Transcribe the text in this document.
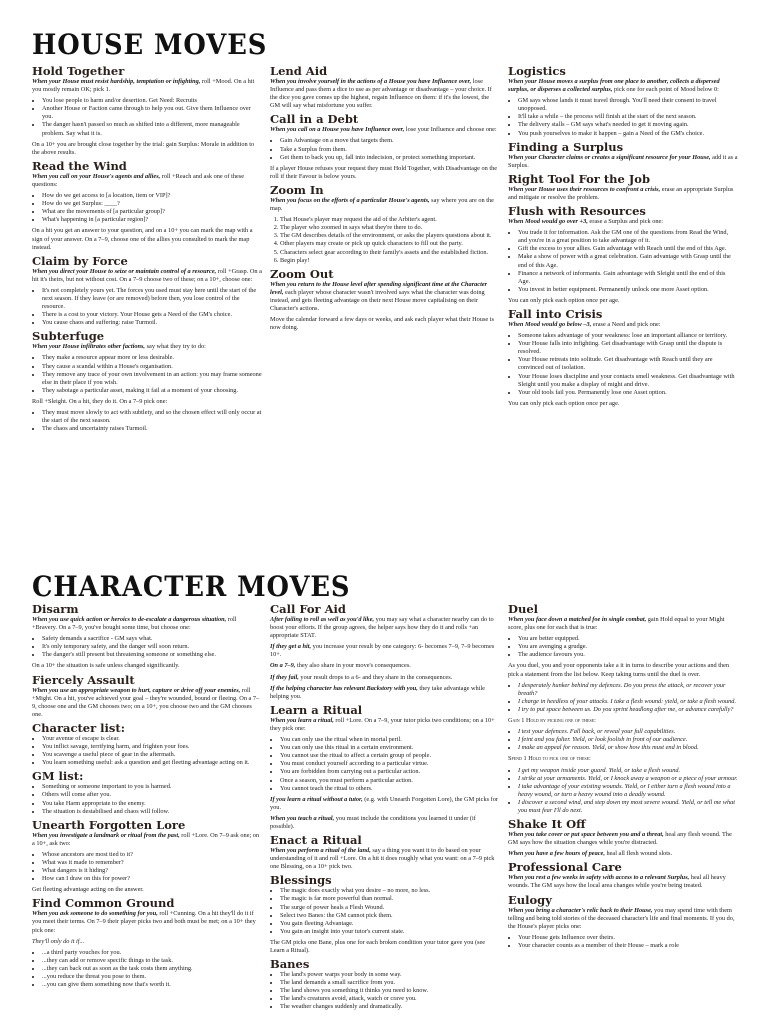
HOUSE MOVES
Hold Together

When your House must resist hardship, temptation or infighting, roll +Mood. On a hit you mostly remain OK; pick 1.

• You lose people to harm and/or desertion. Get Need: Recruits
• Another House or Faction came through to help you out. Give them Influence over you.
• The danger hasn't passed so much as shifted into a different, more manageable problem. Say what it is.

On a 10+ you are brought close together by the trial: gain Surplus: Morale in addition to the above results.

Read the Wind

When you call on your House's agents and allies, roll +Reach and ask one of these questions:

• How do we get access to [a location, item or VIP]?
• How do we get Surplus: ____?
• What are the movements of [a particular group]?
• What's happening in [a particular region]?

On a hit you get an answer to your question, and on a 10+ you can mark the map with a sign of your answer. On a 7–9, choose one of the allies you consulted to mark the map instead.

Claim by Force

When you direct your House to seize or maintain control of a resource, roll +Grasp. On a hit it's theirs, but not without cost. On a 7–9 choose two of these; on a 10+, choose one:

• It's not completely yours yet. The forces you used must stay here until the start of the next season. If they leave (or are removed) before then, you lose control of the resource.
• There is a cost to your victory. Your House gets a Need of the GM's choice.
• You cause chaos and suffering: raise Turmoil.
Subterfuge

When your House infiltrates other factions, say what they try to do:

• They make a resource appear more or less desirable.
• They cause a scandal within a House's organisation.
• They remove any trace of your own involvement in an action: you may frame someone else in their place if you wish.
• They sabotage a particular asset, making it fail at a moment of your choosing.

Roll +Sleight. On a hit, they do it. On a 7–9 pick one:

• They must move slowly to act with subtlety, and so the chosen effect will only occur at the start of the next season.
• The chaos and uncertainty raises Turmoil.
Lend Aid

When you involve yourself in the actions of a House you have Influence over, lose Influence and pass them a dice to use as per advantage or disadvantage – your choice. If the dice you gave comes up the highest, regain Influence on them: if it's the lowest, the GM will say what misfortune you suffer.

Call in a Debt

When you call on a House you have Influence over, lose your Influence and choose one:

• Gain Advantage on a move that targets them.
• Take a Surplus from them.
• Get them to back you up, fall into indecision, or protect something important.

If a player House refuses your request they must Hold Together, with Disadvantage on the roll if their Favour is below yours.

Zoom In

When you focus on the efforts of a particular House's agents, say where you are on the map.

1. That House's player may request the aid of the Arbiter's agent.
2. The player who zoomed in says what they're there to do.
3. The GM describes details of the environment, or asks the players questions about it.
4. Other players may create or pick up quick characters to fill out the party.
5. Characters select gear according to their family's assets and the established fiction.
6. Begin play!
Zoom Out

When you return to the House level after spending significant time at the Character level, each player whose character wasn't involved says what the character was doing instead, and gets fleeting advantage on their next House move capitalising on their Character's actions.

Move the calendar forward a few days or weeks, and ask each player what their House is now doing.

Logistics

When your House moves a surplus from one place to another, collects a dispersed surplus, or disperses a collected surplus, pick one for each point of Mood below 0:

• GM says whose lands it must travel through. You'll need their consent to travel unopposed.
• It'll take a while – the process will finish at the start of the next season.
• The delivery stalls – GM says what's needed to get it moving again.
• You push yourselves to make it happen – gain a Need of the GM's choice.
Finding a Surplus

When your Character claims or creates a significant resource for your House, add it as a Surplus.

Right Tool For the Job

When your House uses their resources to confront a crisis, erase an appropriate Surplus and mitigate or resolve the problem.

Flush with Resources

When Mood would go over +3, erase a Surplus and pick one:

• You trade it for information. Ask the GM one of the questions from Read the Wind, and you're in a great position to take advantage of it.
• Gift the excess to your allies. Gain advantage with Reach until the end of this Age.
• Make a show of power with a great celebration. Gain advantage with Grasp until the end of this Age.
• Finance a network of informants. Gain advantage with Sleight until the end of this Age.
• You invest in better equipment. Permanently unlock one more Asset option.

You can only pick each option once per age.

Fall into Crisis

When Mood would go below –3, erase a Need and pick one:

• Someone takes advantage of your weakness: lose an important alliance or territory.
• Your House falls into infighting. Get disadvantage with Grasp until the dispute is resolved.
• Your House retreats into solitude. Get disadvantage with Reach until they are convinced out of isolation.
• Your House loses discipline and your contacts smell weakness. Get disadvantage with Sleight until you make a display of might and drive.
• Your old tools fail you. Permanently lose one Asset option.

You can only pick each option once per age.

CHARACTER MOVES
Disarm

When you use quick action or heroics to de-escalate a dangerous situation, roll +Bravery. On a 7–9, you've bought some time, but choose one:

• Safety demands a sacrifice - GM says what.
• It's only temporary safety, and the danger will soon return.
• The danger's still present but threatening someone or something else.

On a 10+ the situation is safe unless changed significantly.

Fiercely Assault

When you use an appropriate weapon to hurt, capture or drive off your enemies, roll +Might. On a hit, you've achieved your goal – they're wounded, bound or fleeing. On a 7–9, choose one and the GM chooses two; on a 10+, you choose two and the GM chooses one.

Character list:
• Your avenue of escape is clear.
• You inflict savage, terrifying harm, and frighten your foes.
• You scavenge a useful piece of gear in the aftermath.
• You learn something useful: ask a question and get fleeting advantage acting on it.
GM list:
• Something or someone important to you is harmed.
• Others will come after you.
• You take Harm appropriate to the enemy.
• The situation is destabilised and chaos will follow.
Unearth Forgotten Lore

When you investigate a landmark or ritual from the past, roll +Lore. On 7–9 ask one; on a 10+, ask two:

• Whose ancestors are most tied to it?
• What was it made to remember?
• What dangers is it hiding?
• How can I draw on this for power?

Get fleeting advantage acting on the answer.

Find Common Ground

When you ask someone to do something for you, roll +Cunning. On a hit they'll do it if you meet their terms. On 7–9 their player picks two and both must be met; on a 10+ they pick one:

They'll only do it if...

• ...a third party vouches for you.
• ...they can add or remove specific things to the task.
• ...they can back out as soon as the task costs them anything.
• ...you reduce the threat you pose to them.
• ...you can give them something now that's worth it.
Call For Aid

After failing to roll as well as you'd like, you may say what a character nearby can do to boost your efforts. If the group agrees, the helper says how they do it and rolls +an appropriate STAT.

If they get a hit, you increase your result by one category: 6- becomes 7–9, 7–9 becomes 10+.

On a 7–9, they also share in your move's consequences.

If they fail, your result drops to a 6- and they share in the consequences.

If the helping character has relevant Backstory with you, they take advantage while helping you.

Learn a Ritual

When you learn a ritual, roll +Lore. On a 7–9, your tutor picks two conditions; on a 10+ they pick one:

• You can only use the ritual when in mortal peril.
• You can only use this ritual in a certain environment.
• You cannot use the ritual to affect a certain group of people.
• You must conduct yourself according to a particular virtue.
• You are forbidden from carrying out a particular action.
• Once a season, you must perform a particular action.
• You cannot teach the ritual to others.

If you learn a ritual without a tutor, (e.g. with Unearth Forgotten Lore), the GM picks for you.

When you teach a ritual, you must include the conditions you learned it under (if possible).

Enact a Ritual

When you perform a ritual of the land, say a thing you want it to do based on your understanding of it and roll +Lore. On a hit it does roughly what you want: on a 7–9 pick one Blessing, on a 10+ pick two.

Blessings
• The magic does exactly what you desire – no more, no less.
• The magic is far more powerful than normal.
• The surge of power heals a Flesh Wound.
• Select two Banes: the GM cannot pick them.
• You gain fleeting Advantage.
• You gain an insight into your tutor's current state.

The GM picks one Bane, plus one for each broken condition your tutor gave you (see Learn a Ritual).

Banes
• The land's power warps your body in some way.
• The land demands a small sacrifice from you.
• The land shows you something it thinks you need to know.
• The land's creatures avoid, attack, watch or crave you.
• The weather changes suddenly and dramatically.
Duel

When you face down a matched foe in single combat, gain Hold equal to your Might score, plus one for each that is true:

• You are better equipped.
• You are avenging a grudge.
• The audience favours you.

As you duel, you and your opponents take a it in turns to describe your actions and then pick a statement from the list below. Keep taking turns until the duel is over.

• I desperately hunker behind my defences. Do you press the attack, or recover your breath?
• I charge in heedless of your attacks. I take a flesh wound: yield, or take a flesh wound.
• I try to put space between us. Do you sprint headlong after me, or advance carefully?

Gain 1 Hold by picking one of these:

• I test your defences. Fall back, or reveal your full capabilities.
• I feint and you falter. Yield, or look foolish in front of our audience.
• I make an appeal for reason. Yield, or show how this must end in blood.

Spend 1 Hold to pick one of these:

• I get my weapon inside your guard. Yield, or take a flesh wound.
• I strike at your armaments. Yield, or I knock away a weapon or a piece of your armour.
• I take advantage of your existing wounds. Yield, or I either turn a flesh wound into a heavy wound, or turn a heavy wound into a deadly wound.
• I discover a second wind, and step down my most severe wound. Yield, or tell me what you must fear I'll do next.
Shake It Off

When you take cover or put space between you and a threat, heal any flesh wound. The GM says how the situation changes while you're distracted.

When you have a few hours of peace, heal all flesh wound slots.

Professional Care

When you rest a few weeks in safety with access to a relevant Surplus, heal all heavy wounds. The GM says how the local area changes while you're being treated.

Eulogy

When you bring a character's relic back to their House, you may spend time with them telling and being told stories of the deceased character's life and final moments. If you do, the House's player picks one:

• Your House gets Influence over theirs.
• Your character counts as a member of their House – mark a role
